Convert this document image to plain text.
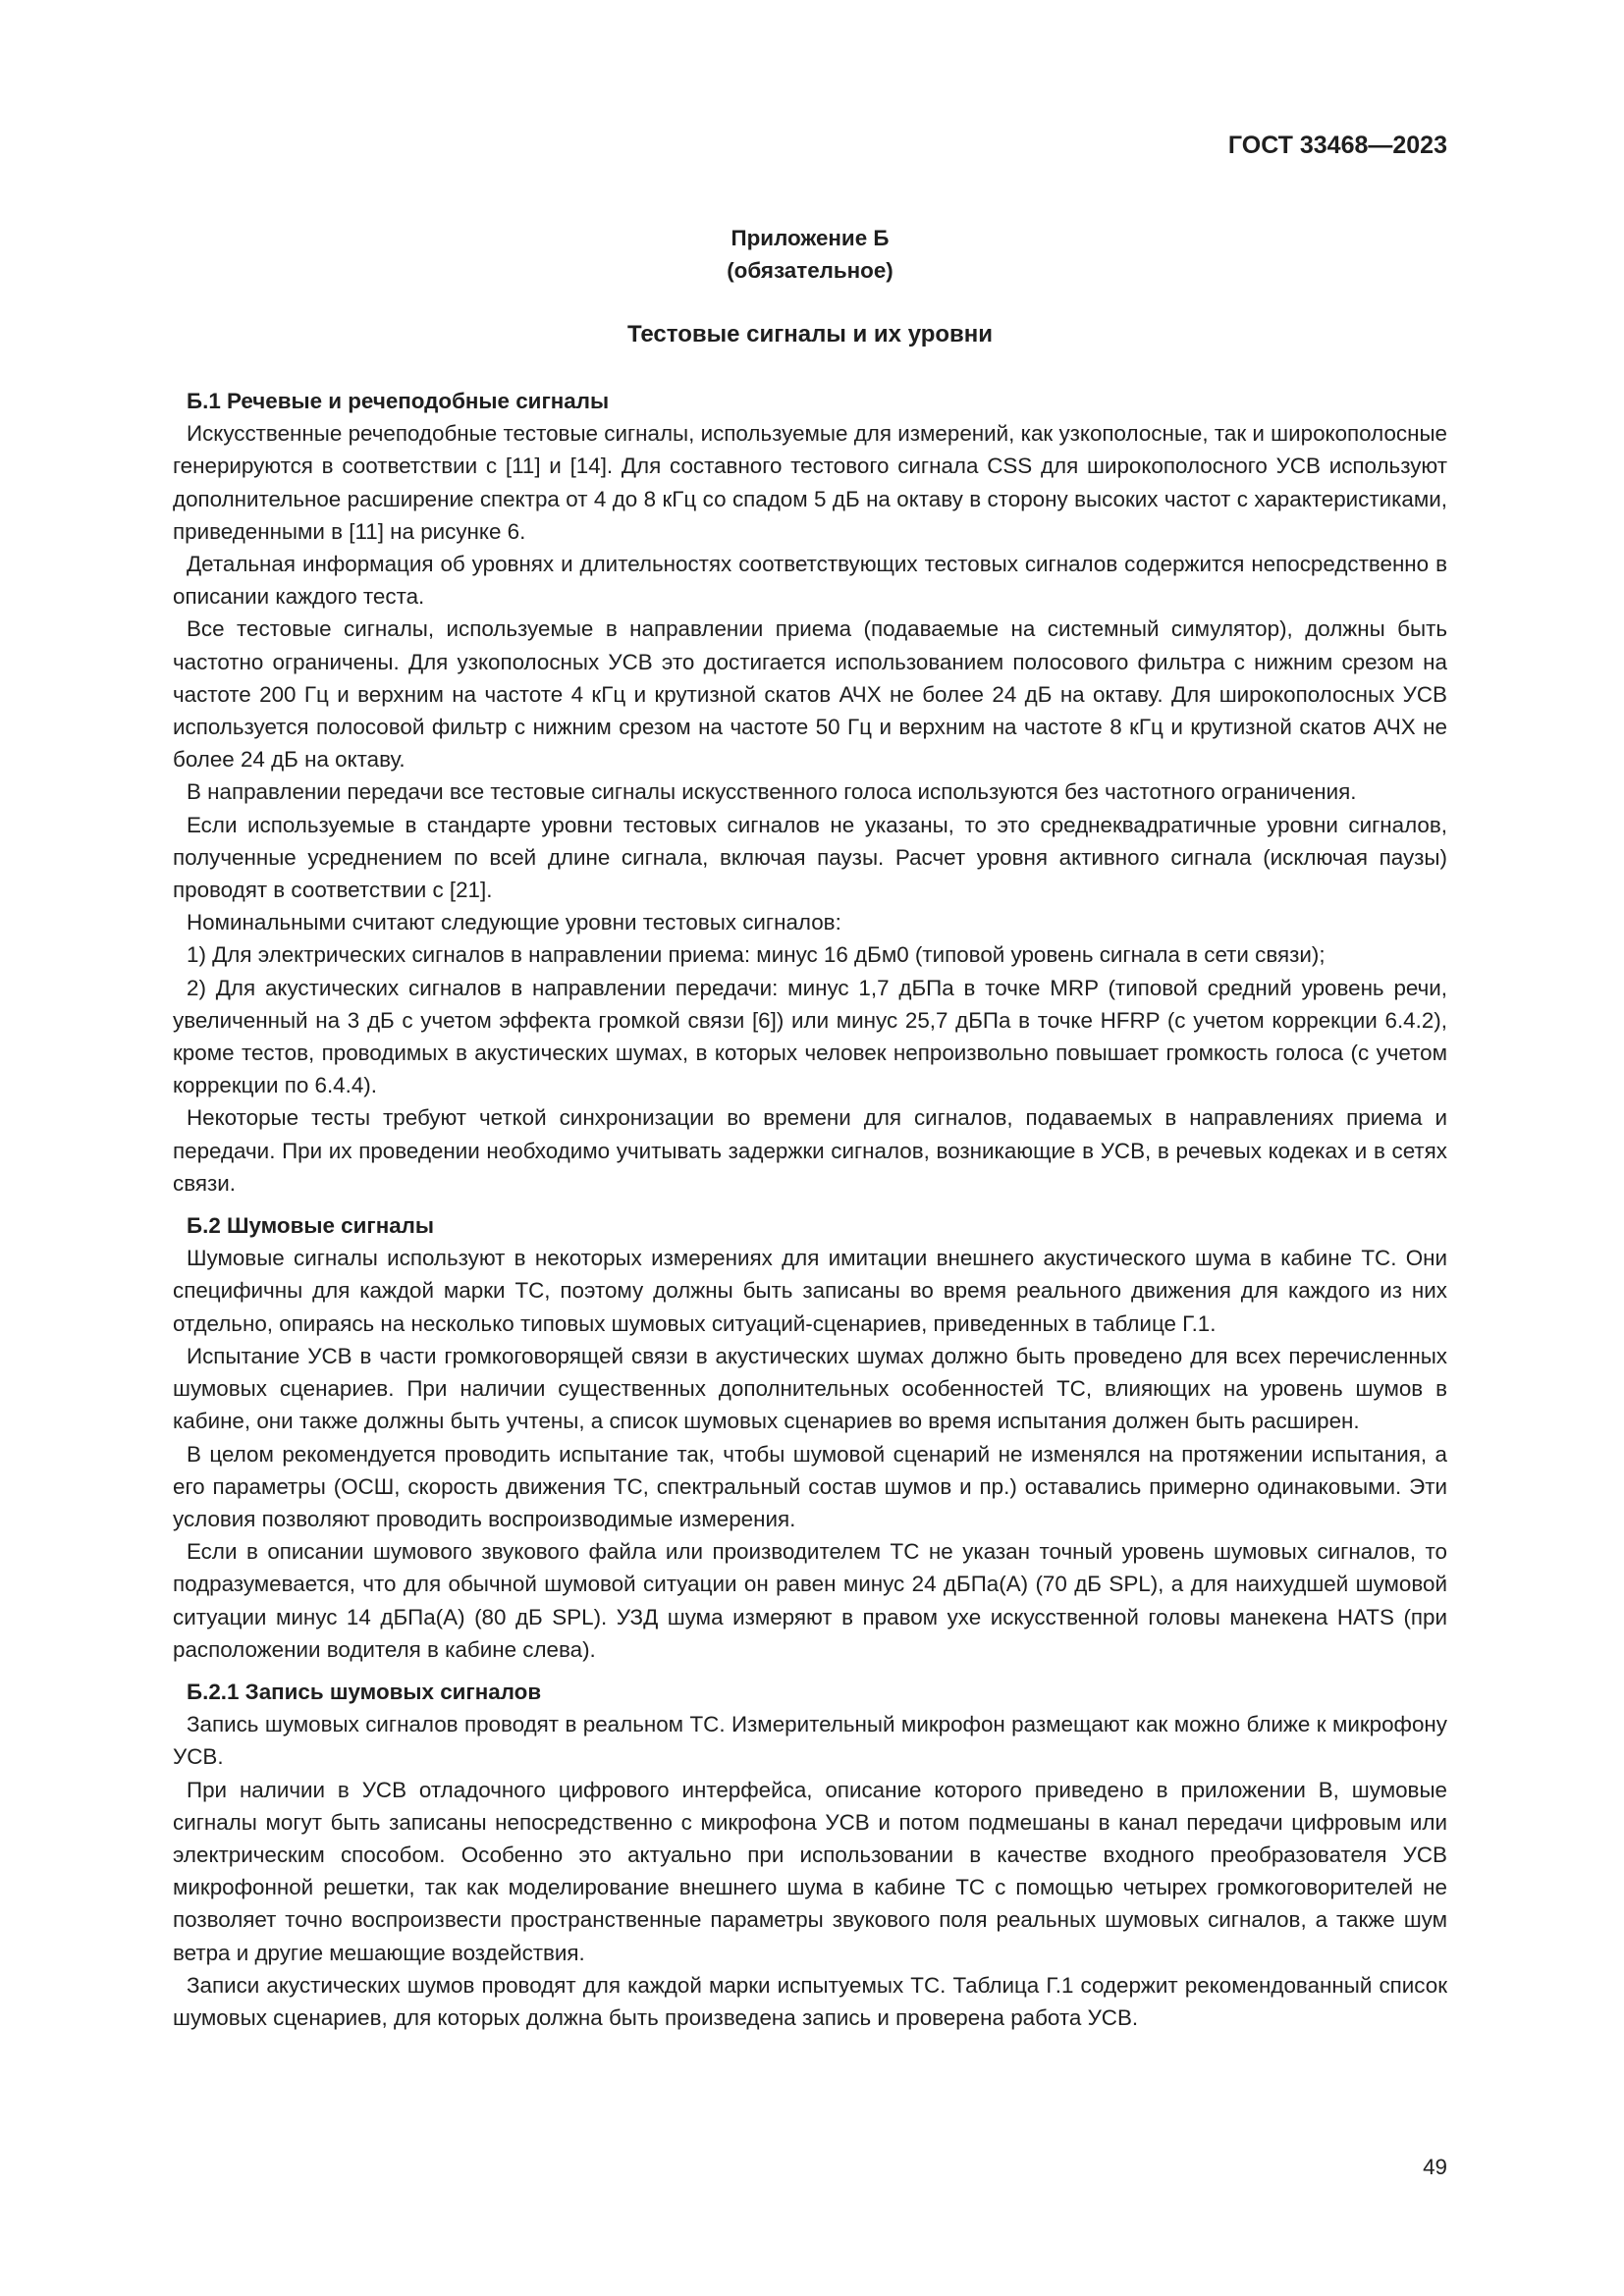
ГОСТ 33468—2023
Приложение Б
(обязательное)
Тестовые сигналы и их уровни

Б.1 Речевые и речеподобные сигналы

Искусственные речеподобные тестовые сигналы, используемые для измерений, как узкополосные, так и широкополосные генерируются в соответствии с [11] и [14]. Для составного тестового сигнала CSS для широкополосного УСВ используют дополнительное расширение спектра от 4 до 8 кГц со спадом 5 дБ на октаву в сторону высоких частот с характеристиками, приведенными в [11] на рисунке 6.

Детальная информация об уровнях и длительностях соответствующих тестовых сигналов содержится непосредственно в описании каждого теста.

Все тестовые сигналы, используемые в направлении приема (подаваемые на системный симулятор), должны быть частотно ограничены. Для узкополосных УСВ это достигается использованием полосового фильтра с нижним срезом на частоте 200 Гц и верхним на частоте 4 кГц и крутизной скатов АЧХ не более 24 дБ на октаву. Для широкополосных УСВ используется полосовой фильтр с нижним срезом на частоте 50 Гц и верхним на частоте 8 кГц и крутизной скатов АЧХ не более 24 дБ на октаву.

В направлении передачи все тестовые сигналы искусственного голоса используются без частотного ограничения.

Если используемые в стандарте уровни тестовых сигналов не указаны, то это среднеквадратичные уровни сигналов, полученные усреднением по всей длине сигнала, включая паузы. Расчет уровня активного сигнала (исключая паузы) проводят в соответствии с [21].

Номинальными считают следующие уровни тестовых сигналов:

1) Для электрических сигналов в направлении приема: минус 16 дБм0 (типовой уровень сигнала в сети связи);

2) Для акустических сигналов в направлении передачи: минус 1,7 дБПа в точке MRP (типовой средний уровень речи, увеличенный на 3 дБ с учетом эффекта громкой связи [6]) или минус 25,7 дБПа в точке HFRP (с учетом коррекции 6.4.2), кроме тестов, проводимых в акустических шумах, в которых человек непроизвольно повышает громкость голоса (с учетом коррекции по 6.4.4).

Некоторые тесты требуют четкой синхронизации во времени для сигналов, подаваемых в направлениях приема и передачи. При их проведении необходимо учитывать задержки сигналов, возникающие в УСВ, в речевых кодеках и в сетях связи.

Б.2 Шумовые сигналы

Шумовые сигналы используют в некоторых измерениях для имитации внешнего акустического шума в кабине ТС. Они специфичны для каждой марки ТС, поэтому должны быть записаны во время реального движения для каждого из них отдельно, опираясь на несколько типовых шумовых ситуаций-сценариев, приведенных в таблице Г.1.

Испытание УСВ в части громкоговорящей связи в акустических шумах должно быть проведено для всех перечисленных шумовых сценариев. При наличии существенных дополнительных особенностей ТС, влияющих на уровень шумов в кабине, они также должны быть учтены, а список шумовых сценариев во время испытания должен быть расширен.

В целом рекомендуется проводить испытание так, чтобы шумовой сценарий не изменялся на протяжении испытания, а его параметры (ОСШ, скорость движения ТС, спектральный состав шумов и пр.) оставались примерно одинаковыми. Эти условия позволяют проводить воспроизводимые измерения.

Если в описании шумового звукового файла или производителем ТС не указан точный уровень шумовых сигналов, то подразумевается, что для обычной шумовой ситуации он равен минус 24 дБПа(A) (70 дБ SPL), а для наихудшей шумовой ситуации минус 14 дБПа(A) (80 дБ SPL). УЗД шума измеряют в правом ухе искусственной головы манекена HATS (при расположении водителя в кабине слева).

Б.2.1 Запись шумовых сигналов

Запись шумовых сигналов проводят в реальном ТС. Измерительный микрофон размещают как можно ближе к микрофону УСВ.

При наличии в УСВ отладочного цифрового интерфейса, описание которого приведено в приложении В, шумовые сигналы могут быть записаны непосредственно с микрофона УСВ и потом подмешаны в канал передачи цифровым или электрическим способом. Особенно это актуально при использовании в качестве входного преобразователя УСВ микрофонной решетки, так как моделирование внешнего шума в кабине ТС с помощью четырех громкоговорителей не позволяет точно воспроизвести пространственные параметры звукового поля реальных шумовых сигналов, а также шум ветра и другие мешающие воздействия.

Записи акустических шумов проводят для каждой марки испытуемых ТС. Таблица Г.1 содержит рекомендованный список шумовых сценариев, для которых должна быть произведена запись и проверена работа УСВ.

49
